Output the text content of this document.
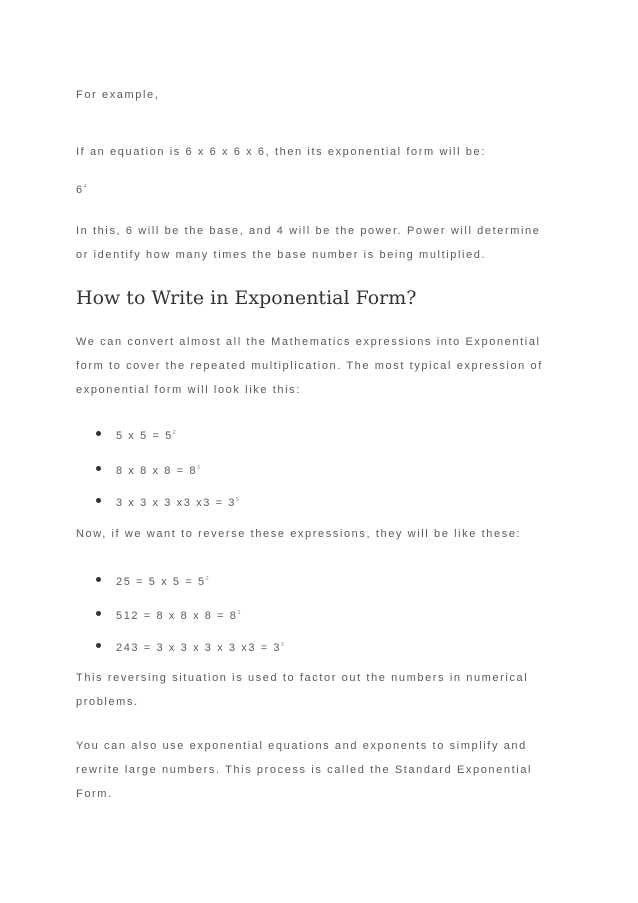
For example,

If an equation is 6 x 6 x 6 x 6, then its exponential form will be:

$6^4$

In this, 6 will be the base, and 4 will be the power. Power will determine

or identify how many times the base number is being multiplied.

How to Write in Exponential Form?

We can convert almost all the Mathematics expressions into Exponential

form to cover the repeated multiplication. The most typical expression of

exponential form will look like this:

5 x $5 = 5^2$
8 x 8 x $8 = 8^3$
3 x 3 x 3 x3 $x3 = 3^5$

Now, if we want to reverse these expressions, they will be like these:

25 = 5 x $5 = 5^2$
512 = 8 x 8 x $8 = 8^3$
243 = 3 x 3 x 3 x 3 $x3 = 3^5$

This reversing situation is used to factor out the numbers in numerical

problems.

You can also use exponential equations and exponents to simplify and

rewrite large numbers. This process is called the Standard Exponential

Form.
